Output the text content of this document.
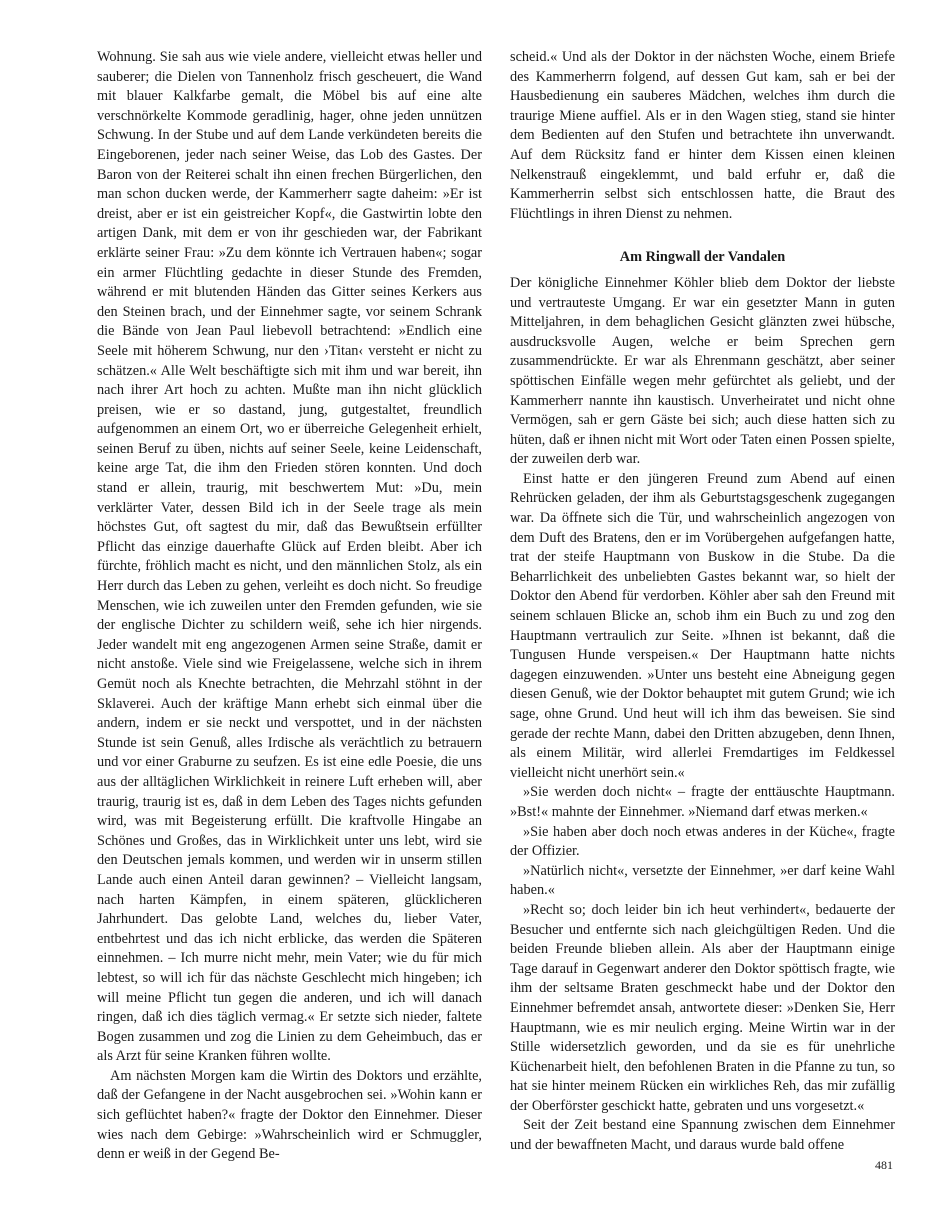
Wohnung. Sie sah aus wie viele andere, vielleicht etwas heller und sauberer; die Dielen von Tannenholz frisch gescheuert, die Wand mit blauer Kalkfarbe gemalt, die Möbel bis auf eine alte verschnörkelte Kommode geradlinig, hager, ohne jeden unnützen Schwung. In der Stube und auf dem Lande verkündeten bereits die Eingeborenen, jeder nach seiner Weise, das Lob des Gastes. Der Baron von der Reiterei schalt ihn einen frechen Bürgerlichen, den man schon ducken werde, der Kammerherr sagte daheim: »Er ist dreist, aber er ist ein geistreicher Kopf«, die Gastwirtin lobte den artigen Dank, mit dem er von ihr geschieden war, der Fabrikant erklärte seiner Frau: »Zu dem könnte ich Vertrauen haben«; sogar ein armer Flüchtling gedachte in dieser Stunde des Fremden, während er mit blutenden Händen das Gitter seines Kerkers aus den Steinen brach, und der Einnehmer sagte, vor seinem Schrank die Bände von Jean Paul liebevoll betrachtend: »Endlich eine Seele mit höherem Schwung, nur den ›Titan‹ versteht er nicht zu schätzen.« Alle Welt beschäftigte sich mit ihm und war bereit, ihn nach ihrer Art hoch zu achten. Mußte man ihn nicht glücklich preisen, wie er so dastand, jung, gutgestaltet, freundlich aufgenommen an einem Ort, wo er überreiche Gelegenheit erhielt, seinen Beruf zu üben, nichts auf seiner Seele, keine Leidenschaft, keine arge Tat, die ihm den Frieden stören konnten. Und doch stand er allein, traurig, mit beschwertem Mut: »Du, mein verklärter Vater, dessen Bild ich in der Seele trage als mein höchstes Gut, oft sagtest du mir, daß das Bewußtsein erfüllter Pflicht das einzige dauerhafte Glück auf Erden bleibt. Aber ich fürchte, fröhlich macht es nicht, und den männlichen Stolz, als ein Herr durch das Leben zu gehen, verleiht es doch nicht. So freudige Menschen, wie ich zuweilen unter den Fremden gefunden, wie sie der englische Dichter zu schildern weiß, sehe ich hier nirgends. Jeder wandelt mit eng angezogenen Armen seine Straße, damit er nicht anstoße. Viele sind wie Freigelassene, welche sich in ihrem Gemüt noch als Knechte betrachten, die Mehrzahl stöhnt in der Sklaverei. Auch der kräftige Mann erhebt sich einmal über die andern, indem er sie neckt und verspottet, und in der nächsten Stunde ist sein Genuß, alles Irdische als verächtlich zu betrauern und vor einer Graburne zu seufzen. Es ist eine edle Poesie, die uns aus der alltäglichen Wirklichkeit in reinere Luft erheben will, aber traurig, traurig ist es, daß in dem Leben des Tages nichts gefunden wird, was mit Begeisterung erfüllt. Die kraftvolle Hingabe an Schönes und Großes, das in Wirklichkeit unter uns lebt, wird sie den Deutschen jemals kommen, und werden wir in unserm stillen Lande auch einen Anteil daran gewinnen? – Vielleicht langsam, nach harten Kämpfen, in einem späteren, glücklicheren Jahrhundert. Das gelobte Land, welches du, lieber Vater, entbehrtest und das ich nicht erblicke, das werden die Späteren einnehmen. – Ich murre nicht mehr, mein Vater; wie du für mich lebtest, so will ich für das nächste Geschlecht mich hingeben; ich will meine Pflicht tun gegen die anderen, und ich will danach ringen, daß ich dies täglich vermag.« Er setzte sich nieder, faltete Bogen zusammen und zog die Linien zu dem Geheimbuch, das er als Arzt für seine Kranken führen wollte.

Am nächsten Morgen kam die Wirtin des Doktors und erzählte, daß der Gefangene in der Nacht ausgebrochen sei. »Wohin kann er sich geflüchtet haben?« fragte der Doktor den Einnehmer. Dieser wies nach dem Gebirge: »Wahrscheinlich wird er Schmuggler, denn er weiß in der Gegend Be-

scheid.« Und als der Doktor in der nächsten Woche, einem Briefe des Kammerherrn folgend, auf dessen Gut kam, sah er bei der Hausbedienung ein sauberes Mädchen, welches ihm durch die traurige Miene auffiel. Als er in den Wagen stieg, stand sie hinter dem Bedienten auf den Stufen und betrachtete ihn unverwandt. Auf dem Rücksitz fand er hinter dem Kissen einen kleinen Nelkenstrauß eingeklemmt, und bald erfuhr er, daß die Kammerherrin selbst sich entschlossen hatte, die Braut des Flüchtlings in ihren Dienst zu nehmen.

Am Ringwall der Vandalen

Der königliche Einnehmer Köhler blieb dem Doktor der liebste und vertrauteste Umgang. Er war ein gesetzter Mann in guten Mitteljahren, in dem behaglichen Gesicht glänzten zwei hübsche, ausdrucksvolle Augen, welche er beim Sprechen gern zusammendrückte. Er war als Ehrenmann geschätzt, aber seiner spöttischen Einfälle wegen mehr gefürchtet als geliebt, und der Kammerherr nannte ihn kaustisch. Unverheiratet und nicht ohne Vermögen, sah er gern Gäste bei sich; auch diese hatten sich zu hüten, daß er ihnen nicht mit Wort oder Taten einen Possen spielte, der zuweilen derb war.

Einst hatte er den jüngeren Freund zum Abend auf einen Rehrücken geladen, der ihm als Geburtstagsgeschenk zugegangen war. Da öffnete sich die Tür, und wahrscheinlich angezogen von dem Duft des Bratens, den er im Vorübergehen aufgefangen hatte, trat der steife Hauptmann von Buskow in die Stube. Da die Beharrlichkeit des unbeliebten Gastes bekannt war, so hielt der Doktor den Abend für verdorben. Köhler aber sah den Freund mit seinem schlauen Blicke an, schob ihm ein Buch zu und zog den Hauptmann vertraulich zur Seite. »Ihnen ist bekannt, daß die Tungusen Hunde verspeisen.« Der Hauptmann hatte nichts dagegen einzuwenden. »Unter uns besteht eine Abneigung gegen diesen Genuß, wie der Doktor behauptet mit gutem Grund; wie ich sage, ohne Grund. Und heut will ich ihm das beweisen. Sie sind gerade der rechte Mann, dabei den Dritten abzugeben, denn Ihnen, als einem Militär, wird allerlei Fremdartiges im Feldkessel vielleicht nicht unerhört sein.«

»Sie werden doch nicht« – fragte der enttäuschte Hauptmann. »Bst!« mahnte der Einnehmer. »Niemand darf etwas merken.«

»Sie haben aber doch noch etwas anderes in der Küche«, fragte der Offizier.

»Natürlich nicht«, versetzte der Einnehmer, »er darf keine Wahl haben.«

»Recht so; doch leider bin ich heut verhindert«, bedauerte der Besucher und entfernte sich nach gleichgültigen Reden. Und die beiden Freunde blieben allein. Als aber der Hauptmann einige Tage darauf in Gegenwart anderer den Doktor spöttisch fragte, wie ihm der seltsame Braten geschmeckt habe und der Doktor den Einnehmer befremdet ansah, antwortete dieser: »Denken Sie, Herr Hauptmann, wie es mir neulich erging. Meine Wirtin war in der Stille widersetzlich geworden, und da sie es für unehrliche Küchenarbeit hielt, den befohlenen Braten in die Pfanne zu tun, so hat sie hinter meinem Rücken ein wirkliches Reh, das mir zufällig der Oberförster geschickt hatte, gebraten und uns vorgesetzt.«

Seit der Zeit bestand eine Spannung zwischen dem Einnehmer und der bewaffneten Macht, und daraus wurde bald offene

481
